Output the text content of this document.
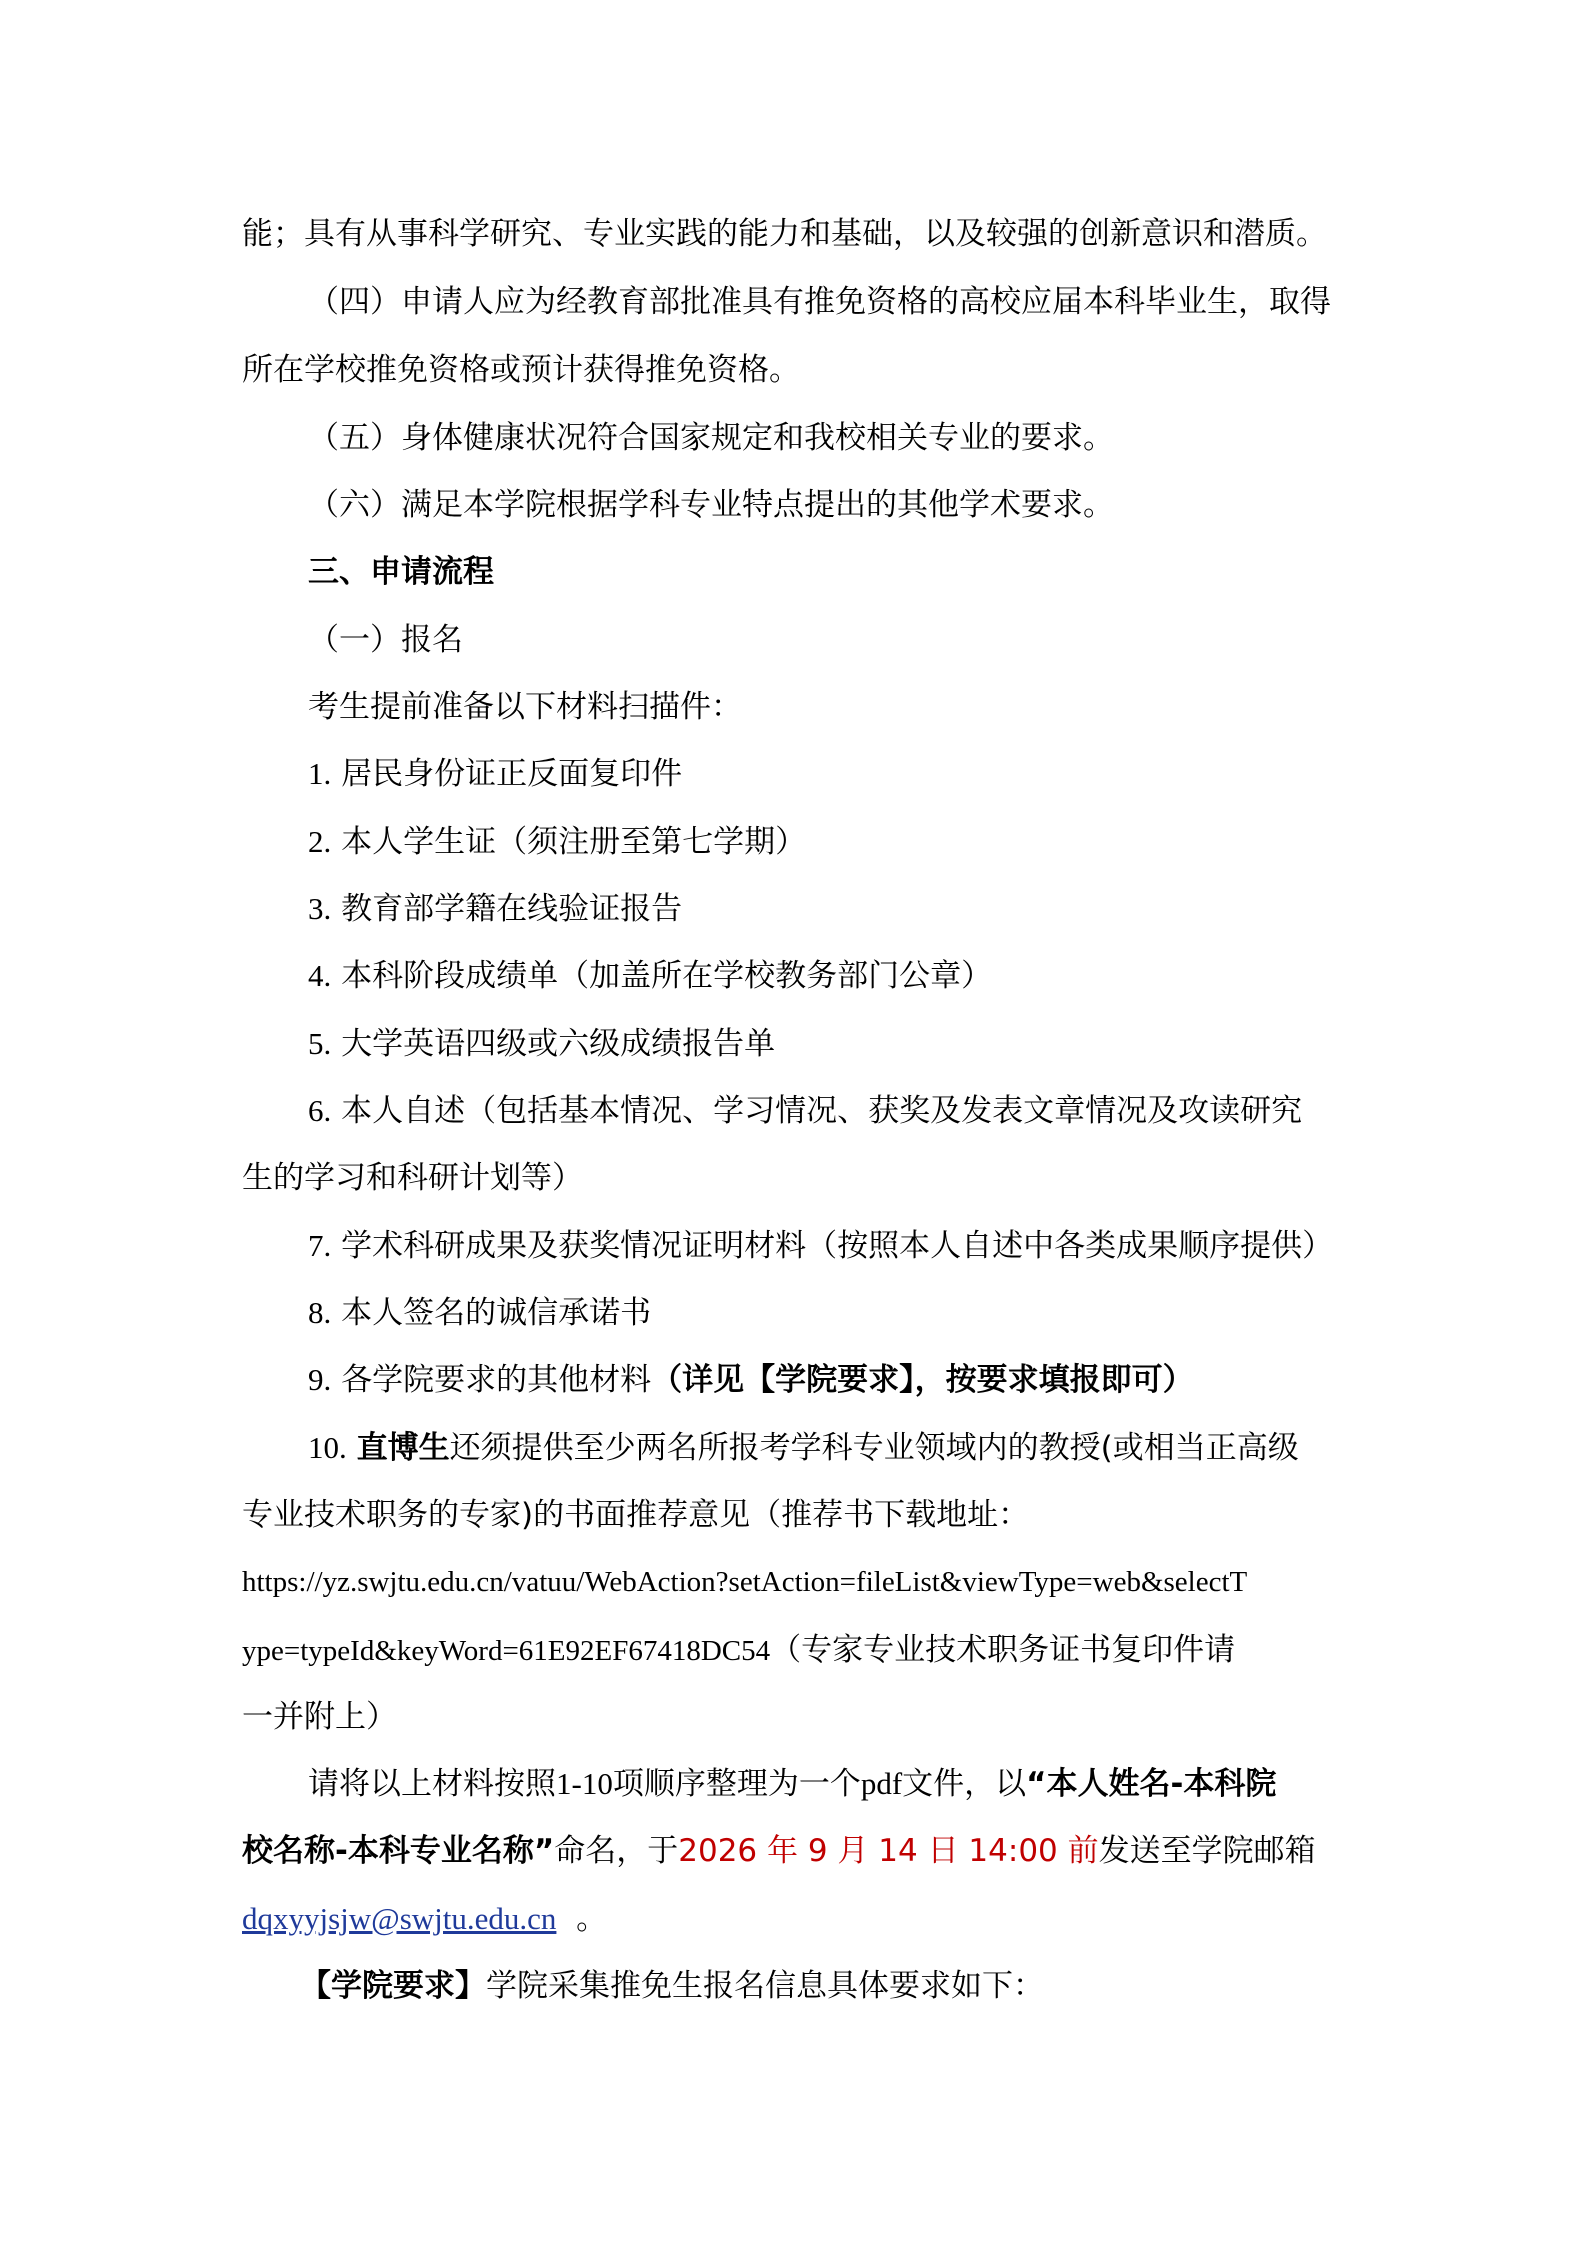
能；具有从事科学研究、专业实践的能力和基础，以及较强的创新意识和潜质。
（四）申请人应为经教育部批准具有推免资格的高校应届本科毕业生，取得
所在学校推免资格或预计获得推免资格。
（五）身体健康状况符合国家规定和我校相关专业的要求。
（六）满足本学院根据学科专业特点提出的其他学术要求。
三、申请流程
（一）报名
考生提前准备以下材料扫描件：
1. 居民身份证正反面复印件
2. 本人学生证（须注册至第七学期）
3. 教育部学籍在线验证报告
4. 本科阶段成绩单（加盖所在学校教务部门公章）
5. 大学英语四级或六级成绩报告单
6. 本人自述（包括基本情况、学习情况、获奖及发表文章情况及攻读研究
生的学习和科研计划等）
7. 学术科研成果及获奖情况证明材料（按照本人自述中各类成果顺序提供）
8. 本人签名的诚信承诺书
9. 各学院要求的其他材料（详见【学院要求】，按要求填报即可）
10. 直博生还须提供至少两名所报考学科专业领域内的教授(或相当正高级
专业技术职务的专家)的书面推荐意见（推荐书下载地址：
https://yz.swjtu.edu.cn/vatuu/WebAction?setAction=fileList&viewType=web&selectT
ype=typeId&keyWord=61E92EF67418DC54（专家专业技术职务证书复印件请
一并附上）
请将以上材料按照1-10项顺序整理为一个pdf文件，以“本人姓名-本科院
校名称-本科专业名称”命名，于2026 年 9 月 14 日 14:00 前发送至学院邮箱
dqxyyjsjw@swjtu.edu.cn 。
【学院要求】学院采集推免生报名信息具体要求如下：
